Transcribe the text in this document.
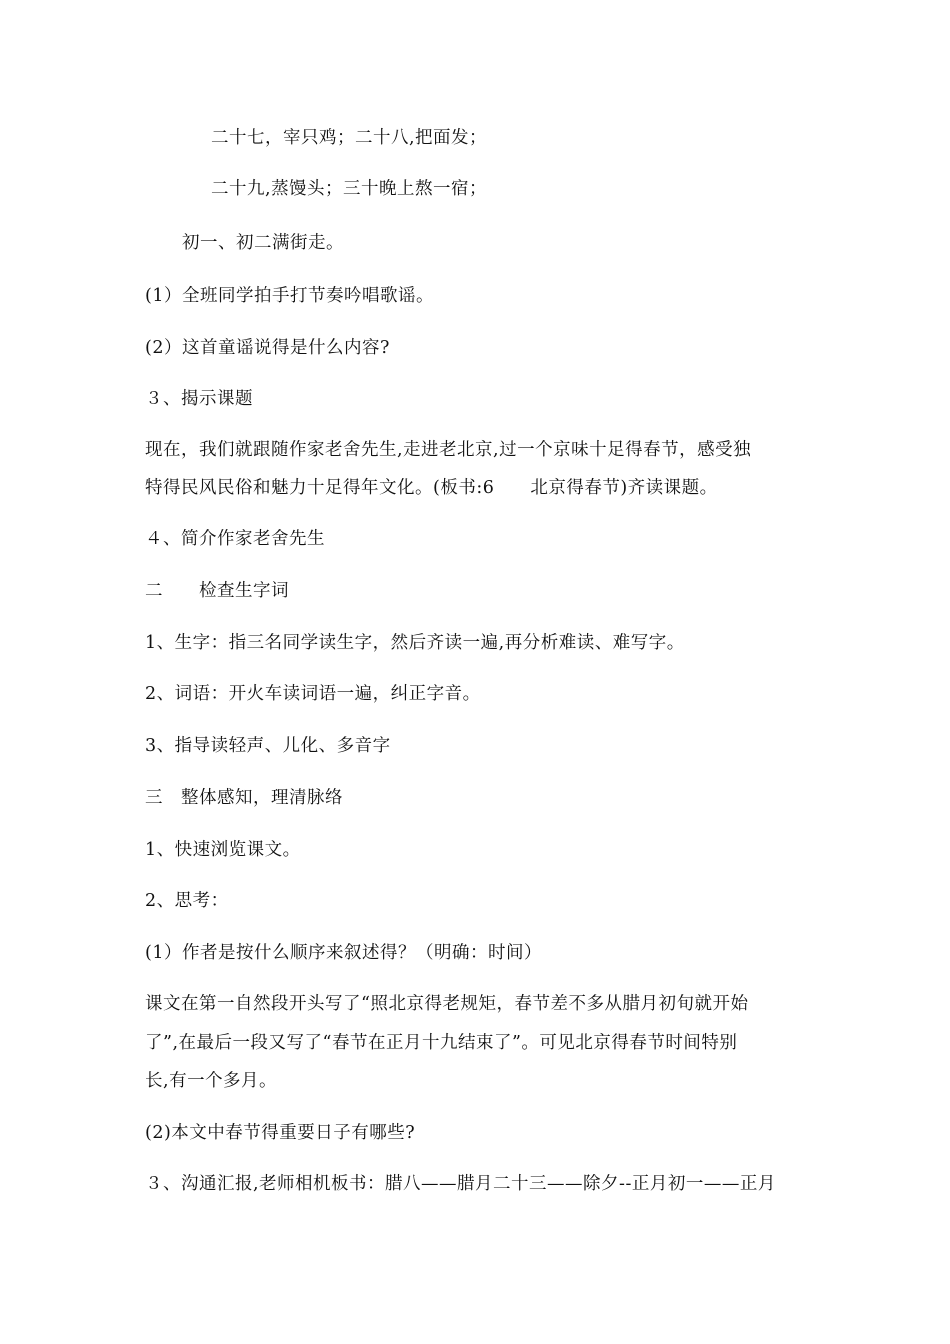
二十七，宰只鸡；二十八,把面发；
二十九,蒸馒头；三十晚上熬一宿；
初一、初二满街走。
(1）全班同学拍手打节奏吟唱歌谣。
(2）这首童谣说得是什么内容?
３、揭示课题
现在，我们就跟随作家老舍先生,走进老北京,过一个京味十足得春节，感受独
特得民风民俗和魅力十足得年文化。(板书:6　　北京得春节)齐读课题。
４、简介作家老舍先生
二　　检查生字词
1、生字：指三名同学读生字，然后齐读一遍,再分析难读、难写字。
2、词语：开火车读词语一遍，纠正字音。
3、指导读轻声、儿化、多音字
三　整体感知，理清脉络
1、快速浏览课文。
2、思考：
(1）作者是按什么顺序来叙述得？（明确：时间）
课文在第一自然段开头写了“照北京得老规矩，春节差不多从腊月初旬就开始
了”,在最后一段又写了“春节在正月十九结束了”。可见北京得春节时间特别
长,有一个多月。
(2)本文中春节得重要日子有哪些?
３、沟通汇报,老师相机板书：腊八——腊月二十三——除夕--正月初一——正月
